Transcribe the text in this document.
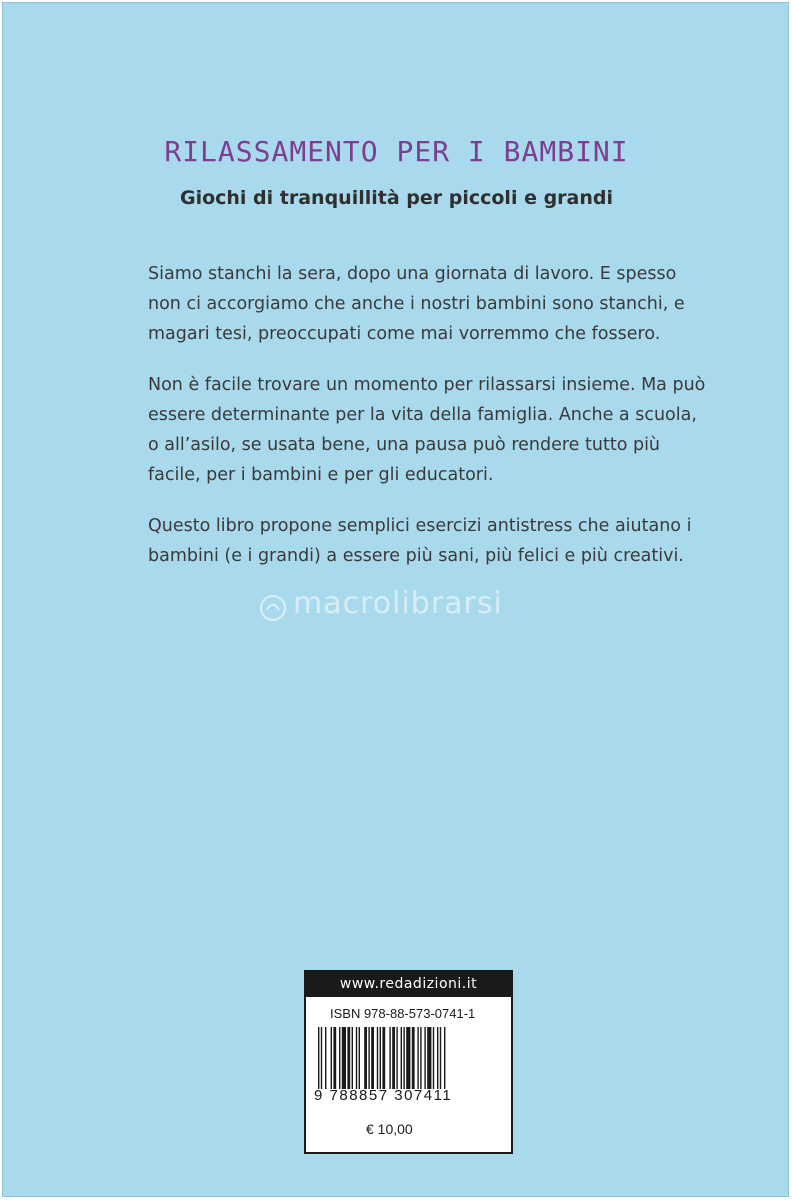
RILASSAMENTO PER I BAMBINI
Giochi di tranquillità per piccoli e grandi

Siamo stanchi la sera, dopo una giornata di lavoro. E spesso non ci accorgiamo che anche i nostri bambini sono stanchi, e magari tesi, preoccupati come mai vorremmo che fossero.

Non è facile trovare un momento per rilassarsi insieme. Ma può essere determinante per la vita della famiglia. Anche a scuola, o all’asilo, se usata bene, una pausa può rendere tutto più facile, per i bambini e per gli educatori.

Questo libro propone semplici esercizi antistress che aiutano i bambini (e i grandi) a essere più sani, più felici e più creativi.

macrolibrarsi
www.redadizioni.it
ISBN 978-88-573-0741-1
9 788857 307411
€ 10,00
